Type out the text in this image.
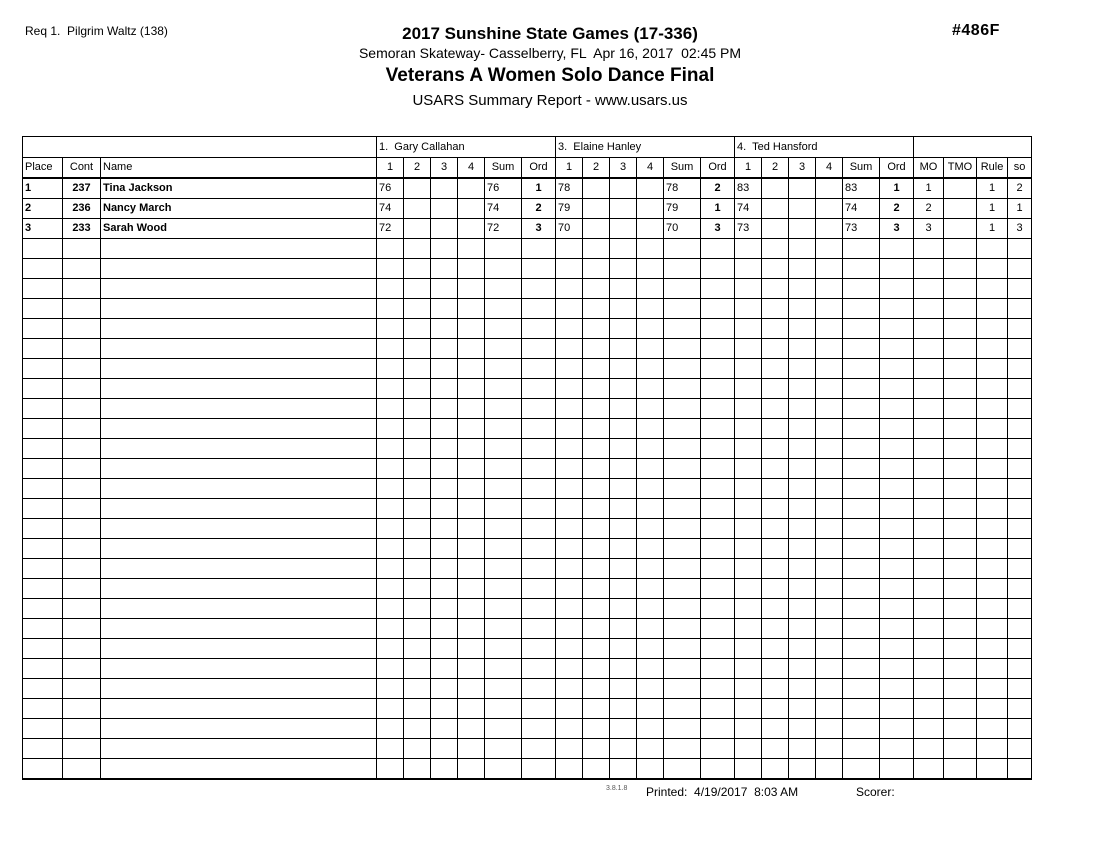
Req 1.  Pilgrim Waltz (138)	#486F
2017 Sunshine State Games (17-336)
Semoran Skateway- Casselberry, FL  Apr 16, 2017  02:45 PM
Veterans A Women Solo Dance Final
USARS Summary Report - www.usars.us
			1.  Gary Callahan						3.  Elaine Hanley						4.  Ted Hansford									
Place	Cont	Name	1	2	3	4	Sum	Ord	1	2	3	4	Sum	Ord	1	2	3	4	Sum	Ord	MO	TMO	Rule	so
1	237	Tina Jackson	76				76	1	78				78	2	83				83	1	1		1	2
2	236	Nancy March	74				74	2	79				79	1	74				74	2	2		1	1
3	233	Sarah Wood	72				72	3	70				70	3	73				73	3	3		1	3

3.8.1.8 Printed:  4/19/2017  8:03 AM	Scorer:
